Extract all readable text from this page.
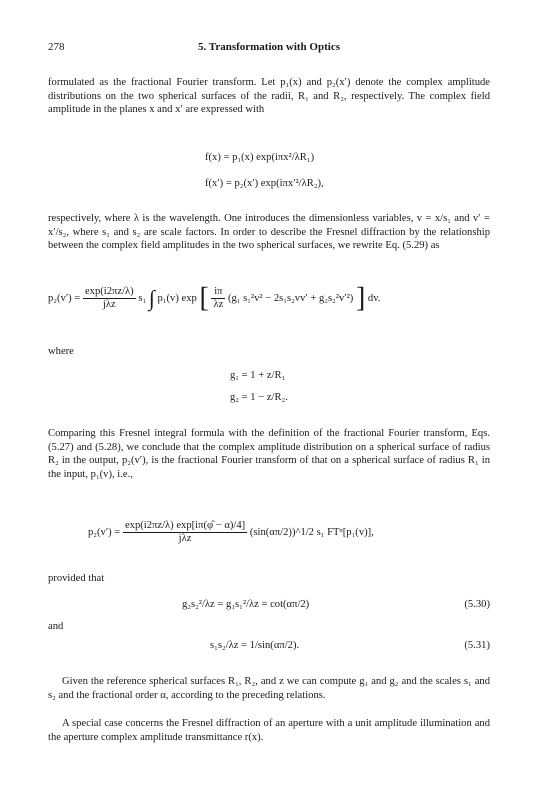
278	5. Transformation with Optics

formulated as the fractional Fourier transform. Let p₁(x) and p₂(x′) denote the complex amplitude distributions on the two spherical surfaces of the radii, R₁ and R₂, respectively. The complex field amplitude in the planes x and x′ are expressed with

f(x) = p₁(x) exp(iπx²/λR₁)
f(x′) = p₂(x′) exp(iπx′²/λR₂),

respectively, where λ is the wavelength. One introduces the dimensionless variables, v = x/s₁ and v′ = x′/s₂, where s₁ and s₂ are scale factors. In order to describe the Fresnel diffraction by the relationship between the complex field amplitudes in the two spherical surfaces, we rewrite Eq. (5.29) as

$p_2(v') = \frac{\exp(i2\pi z/\lambda)}{\text{jλz}} s_1$ ∫ p₁(v) exp [ $\frac{i\pi}{\lambda z} (g_1$ s₁²v² − 2s₁s₂vv′ + g₂s₂²v′²) ] dv.

where

g₁ = 1 + z/R₁
g₂ = 1 − z/R₂.

Comparing this Fresnel integral formula with the definition of the fractional Fourier transform, Eqs. (5.27) and (5.28), we conclude that the complex amplitude distribution on a spherical surface of radius R₂ in the output, p₂(v′), is the fractional Fourier transform of that on a spherical surface of radius R₁ in the input, p₁(v), i.e.,

$p_2(v') = \frac{\exp(i2\pi z/\lambda) \exp[i\pi(\varphî - \alpha)/4]}{\text{jλz}}$ (sin(απ/2))^1/2 s₁ FTᵅ[p₁(v)],

provided that

g₂s₂²/λz = g₁s₁²/λz = cot(απ/2)	(5.30)

and

s₁s₂/λz = 1/sin(απ/2).	(5.31)

Given the reference spherical surfaces R₁, R₂, and z we can compute g₁ and g₂ and the scales s₁ and s₂ and the fractional order α, according to the preceding relations.

A special case concerns the Fresnel diffraction of an aperture with a unit amplitude illumination and the aperture complex amplitude transmittance r(x).
